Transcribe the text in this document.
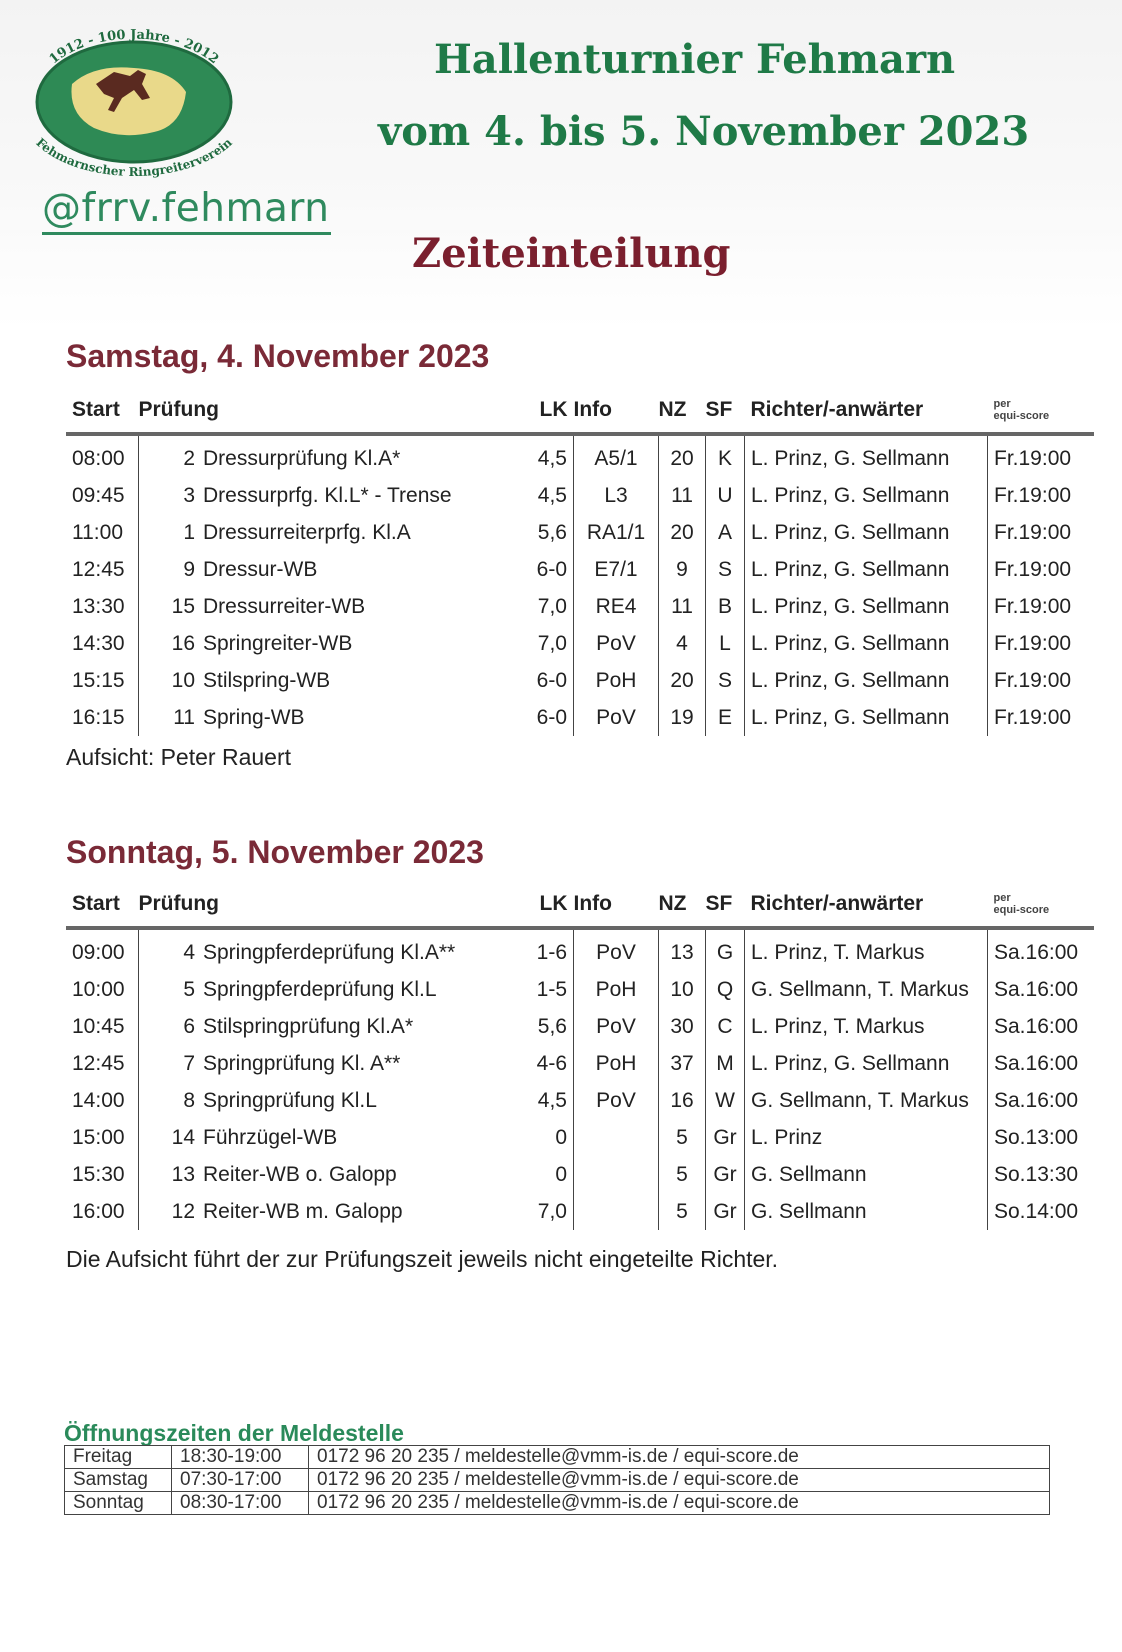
1912 - 100 Jahre - 2012
Fehmarnscher Ringreiterverein
@frrv.fehmarn
Hallenturnier Fehmarn
vom 4. bis 5. November 2023
Zeiteinteilung
Samstag, 4. November 2023
Start	Prüfung		LK	Info	NZ	SF	Richter/-anwärter	per
equi-score
08:00	2	Dressurprüfung Kl.A*	4,5	A5/1	20	K	L. Prinz, G. Sellmann	Fr.19:00
09:45	3	Dressurprfg. Kl.L* - Trense	4,5	L3	11	U	L. Prinz, G. Sellmann	Fr.19:00
11:00	1	Dressurreiterprfg. Kl.A	5,6	RA1/1	20	A	L. Prinz, G. Sellmann	Fr.19:00
12:45	9	Dressur-WB	6-0	E7/1	9	S	L. Prinz, G. Sellmann	Fr.19:00
13:30	15	Dressurreiter-WB	7,0	RE4	11	B	L. Prinz, G. Sellmann	Fr.19:00
14:30	16	Springreiter-WB	7,0	PoV	4	L	L. Prinz, G. Sellmann	Fr.19:00
15:15	10	Stilspring-WB	6-0	PoH	20	S	L. Prinz, G. Sellmann	Fr.19:00
16:15	11	Spring-WB	6-0	PoV	19	E	L. Prinz, G. Sellmann	Fr.19:00
Aufsicht: Peter Rauert
Sonntag, 5. November 2023
Start	Prüfung		LK	Info	NZ	SF	Richter/-anwärter	per
equi-score
09:00	4	Springpferdeprüfung Kl.A**	1-6	PoV	13	G	L. Prinz, T. Markus	Sa.16:00
10:00	5	Springpferdeprüfung Kl.L	1-5	PoH	10	Q	G. Sellmann, T. Markus	Sa.16:00
10:45	6	Stilspringprüfung Kl.A*	5,6	PoV	30	C	L. Prinz, T. Markus	Sa.16:00
12:45	7	Springprüfung Kl. A**	4-6	PoH	37	M	L. Prinz, G. Sellmann	Sa.16:00
14:00	8	Springprüfung Kl.L	4,5	PoV	16	W	G. Sellmann, T. Markus	Sa.16:00
15:00	14	Führzügel-WB	0		5	Gr	L. Prinz	So.13:00
15:30	13	Reiter-WB o. Galopp	0		5	Gr	G. Sellmann	So.13:30
16:00	12	Reiter-WB m. Galopp	7,0		5	Gr	G. Sellmann	So.14:00
Die Aufsicht führt der zur Prüfungszeit jeweils nicht eingeteilte Richter.
Öffnungszeiten der Meldestelle
Freitag	18:30-19:00	0172 96 20 235 / meldestelle@vmm-is.de / equi-score.de
Samstag	07:30-17:00	0172 96 20 235 / meldestelle@vmm-is.de / equi-score.de
Sonntag	08:30-17:00	0172 96 20 235 / meldestelle@vmm-is.de / equi-score.de
